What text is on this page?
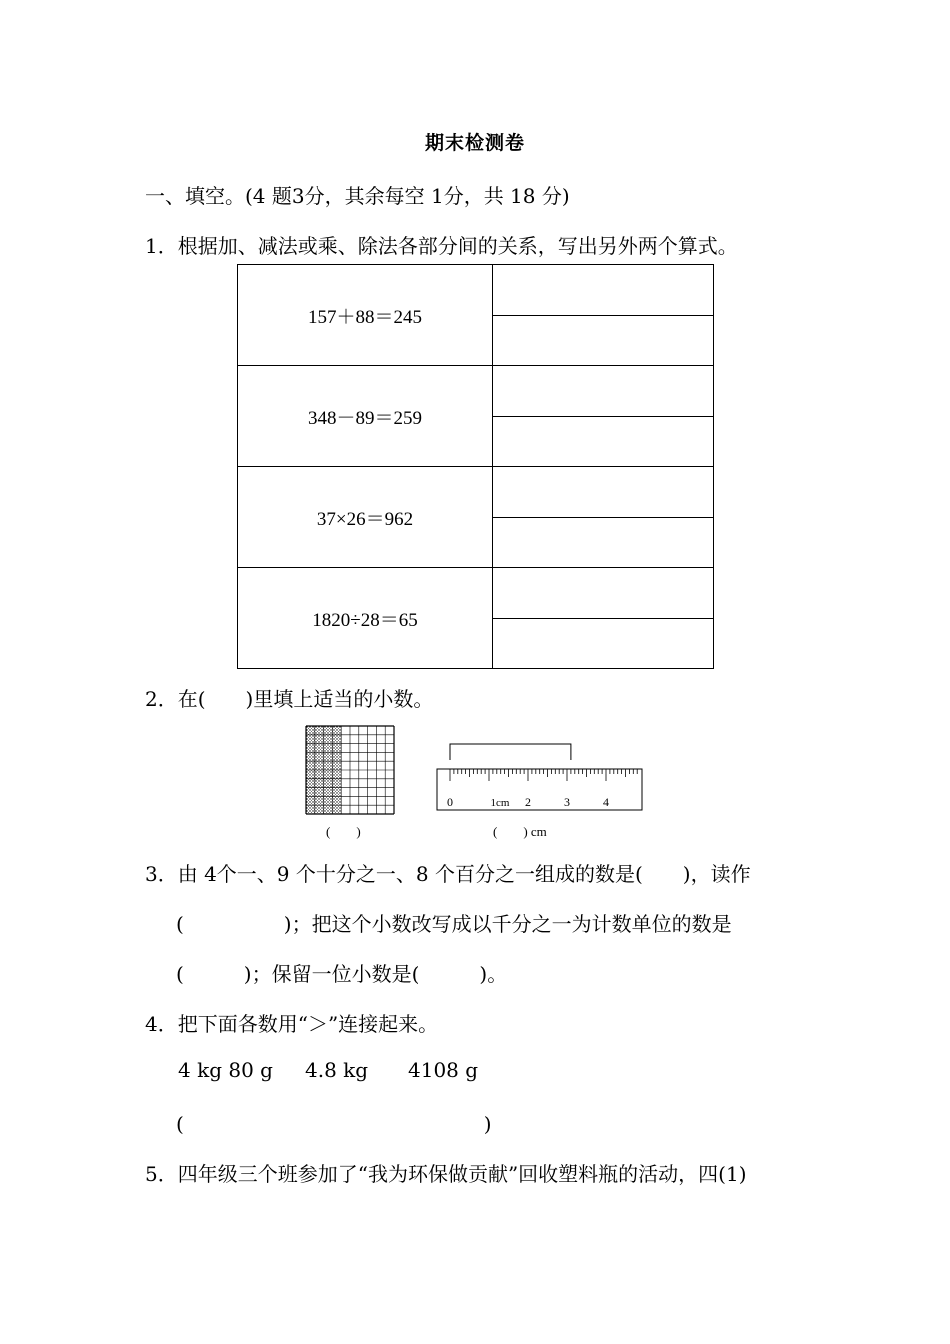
期末检测卷
一、填空。(4 题3分，其余每空 1分，共 18 分)
1．根据加、减法或乘、除法各部分间的关系，写出另外两个算式。
157＋88＝245	

348－89＝259	

37×26＝962	

1820÷28＝65	
2．在(　　)里填上适当的小数。
(　　)
0	1cm 2	3	4
(　　) cm
3．由 4个一、9 个十分之一、8 个百分之一组成的数是(　　)，读作
(　　　　　)；把这个小数改写成以千分之一为计数单位的数是
(　　　)；保留一位小数是(　　　)。
4．把下面各数用“＞”连接起来。
4 kg 80 g 4.8 kg 4108 g
(　　　　　　　　　　　　　　　)
5．四年级三个班参加了“我为环保做贡献”回收塑料瓶的活动，四(1)
